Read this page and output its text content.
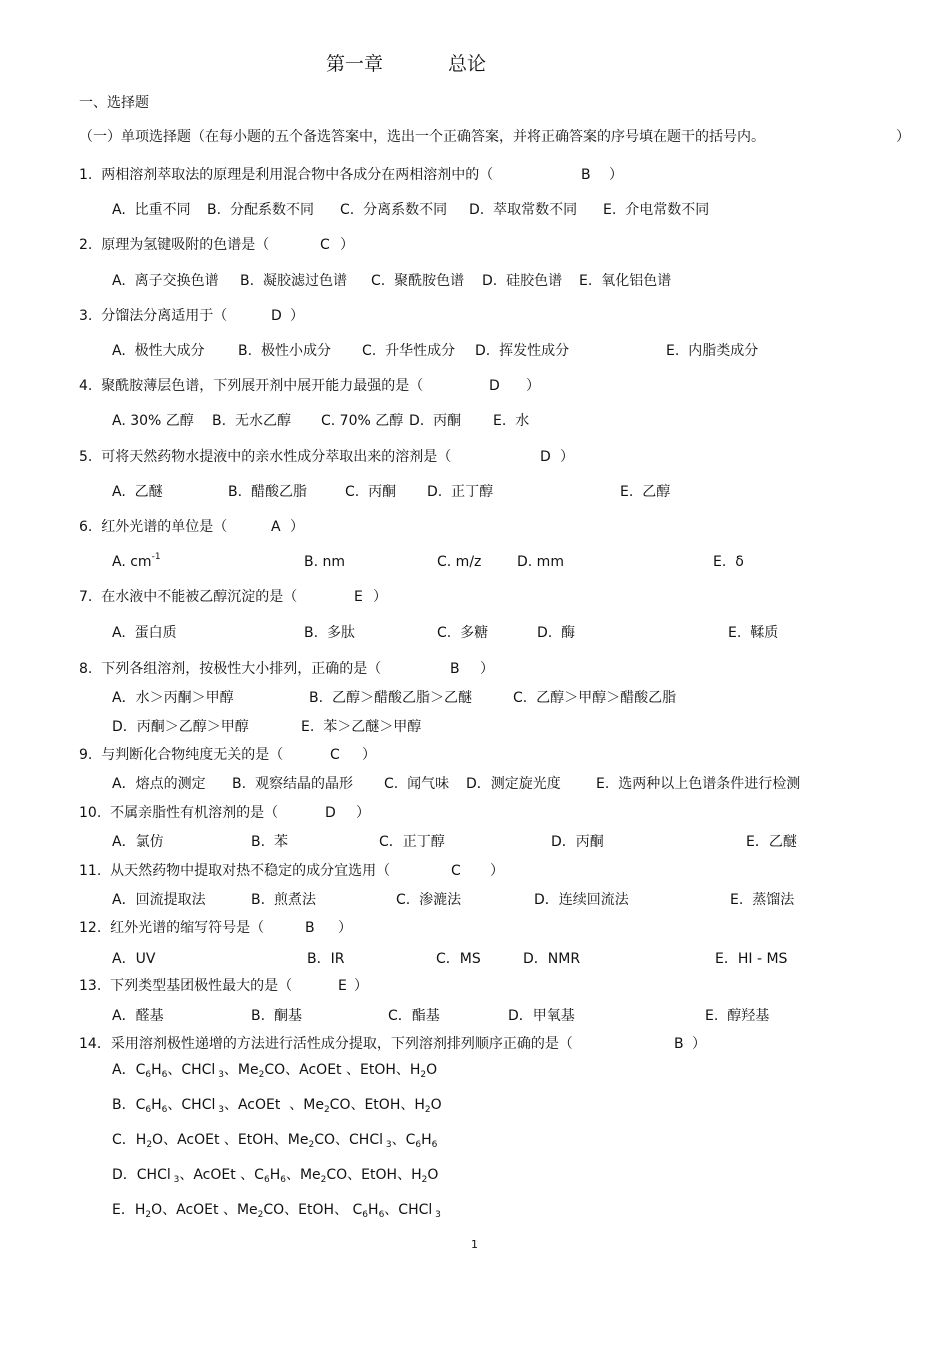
第一章	总论
一、选择题
（一）单项选择题（在每小题的五个备选答案中，选出一个正确答案，并将正确答案的序号填在题干的括号内。	）
1.  两相溶剂萃取法的原理是利用混合物中各成分在两相溶剂中的（	B ）
A.  比重不同 B.  分配系数不同 C.  分离系数不同 D.  萃取常数不同 E.  介电常数不同
2.  原理为氢键吸附的色谱是（	C ）
A.  离子交换色谱 B.  凝胶滤过色谱 C.  聚酰胺色谱 D.  硅胶色谱 E.  氧化铝色谱
3.  分馏法分离适用于（	D ）
A.  极性大成分 B.  极性小成分 C.  升华性成分 D.  挥发性成分	E.  内脂类成分
4.  聚酰胺薄层色谱，下列展开剂中展开能力最强的是（	D ）
A. 30% 乙醇 B.  无水乙醇 C. 70% 乙醇 D.  丙酮 E.  水
5.  可将天然药物水提液中的亲水性成分萃取出来的溶剂是（	D ）
A.  乙醚	B.  醋酸乙脂	C.  丙酮 D.  正丁醇	E.  乙醇
6.  红外光谱的单位是（	A ）
A. $cm^{-1}$	B. nm	C. m/z	D. mm	E.  δ
7.  在水液中不能被乙醇沉淀的是（	E ）
A.  蛋白质	B.  多肽	C.  多糖	D.  酶	E.  鞣质
8.  下列各组溶剂，按极性大小排列，正确的是（	B ）
A．水＞丙酮＞甲醇	B.  乙醇＞醋酸乙脂＞乙醚	C.  乙醇＞甲醇＞醋酸乙脂
D．丙酮＞乙醇＞甲醇	E.  苯＞乙醚＞甲醇
9.  与判断化合物纯度无关的是（	C ）
A．熔点的测定 B.  观察结晶的晶形 C.  闻气味 D．测定旋光度	E.  选两种以上色谱条件进行检测
10.  不属亲脂性有机溶剂的是（	D ）
A．氯仿	B.  苯	C．正丁醇	D．丙酮	E．乙醚
11.  从天然药物中提取对热不稳定的成分宜选用（	C ）
A．回流提取法	B.  煎煮法	C.  渗漉法	D．连续回流法	E.  蒸馏法
12.  红外光谱的缩写符号是（	B ）
A．UV	B．IR	C．MS	D．NMR	E．HI - MS
13.  下列类型基团极性最大的是（	E ）
A．醛基	B.  酮基	C．酯基	D．甲氧基	E.  醇羟基
14．采用溶剂极性递增的方法进行活性成分提取，下列溶剂排列顺序正确的是（	B ）
A．$C_6H_6$、CHCl $_3$、$Me_2CO$、AcOEt 、EtOH、$H_2O$
B．$C_6H_6$、CHCl $_3$、AcOEt  、$Me_2CO$、EtOH、$H_2O$
C．$H_2O$、AcOEt 、EtOH、$Me_2CO$、CHCl $_3$、$C_6H_6$
D．CHCl $_3$、AcOEt 、$C_6H_6$、$Me_2CO$、EtOH、$H_2O$
E．$H_2O$、AcOEt 、$Me_2CO$、EtOH、 $C_6H_6$、CHCl $_3$
1
